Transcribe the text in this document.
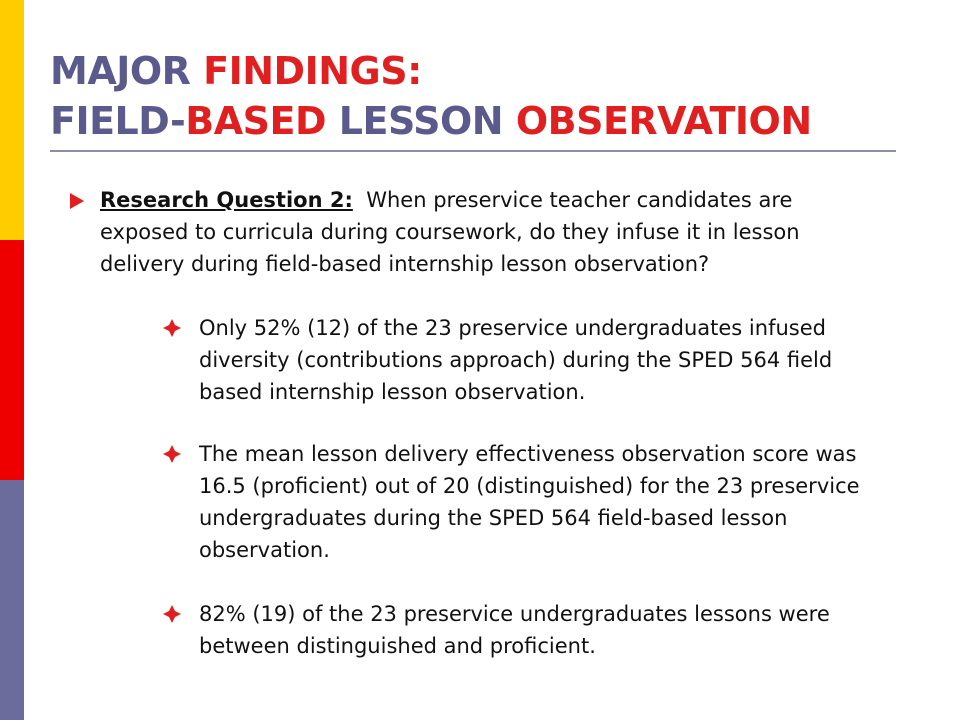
MAJOR FINDINGS:
FIELD-BASED LESSON OBSERVATION
Research Question 2: When preservice teacher candidates are exposed to curricula during coursework, do they infuse it in lesson delivery during field-based internship lesson observation?
Only 52% (12) of the 23 preservice undergraduates infused diversity (contributions approach) during the SPED 564 field based internship lesson observation.
The mean lesson delivery effectiveness observation score was 16.5 (proficient) out of 20 (distinguished) for the 23 preservice undergraduates during the SPED 564 field-based lesson observation.
82% (19) of the 23 preservice undergraduates lessons were between distinguished and proficient.
